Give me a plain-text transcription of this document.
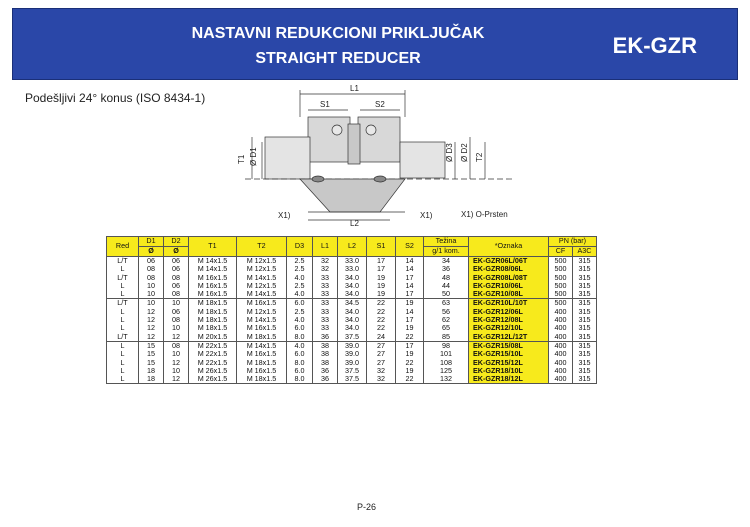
NASTAVNI REDUKCIONI PRIKLJUČAK
STRAIGHT REDUCER
EK-GZR
Podešljivi 24° konus (ISO 8434-1)
L1
S1	S2
L2
T1 Ø D1	Ø D3 Ø D2 T2
X1)	X1)	X1) O-Prsten
Red	D1	D2	T1	T2	D3	L1	L2	S1	S2	Težina	*Oznaka	PN (bar)	
	Ø	Ø								g/1 kom.		CF	A3C
L/T	06	06	M 14x1.5	M 12x1.5	2.5	32	33.0	17	14	34	EK-GZR06L/06T	500	315
L	08	06	M 14x1.5	M 12x1.5	2.5	32	33.0	17	14	36	EK-GZR08/06L	500	315
L/T	08	08	M 16x1.5	M 14x1.5	4.0	33	34.0	19	17	48	EK-GZR08L/08T	500	315
L	10	06	M 16x1.5	M 12x1.5	2.5	33	34.0	19	14	44	EK-GZR10/06L	500	315
L	10	08	M 16x1.5	M 14x1.5	4.0	33	34.0	19	17	50	EK-GZR10/08L	500	315
L/T	10	10	M 18x1.5	M 16x1.5	6.0	33	34.5	22	19	63	EK-GZR10L/10T	500	315
L	12	06	M 18x1.5	M 12x1.5	2.5	33	34.0	22	14	56	EK-GZR12/06L	400	315
L	12	08	M 18x1.5	M 14x1.5	4.0	33	34.0	22	17	62	EK-GZR12/08L	400	315
L	12	10	M 18x1.5	M 16x1.5	6.0	33	34.0	22	19	65	EK-GZR12/10L	400	315
L/T	12	12	M 20x1.5	M 18x1.5	8.0	36	37.5	24	22	85	EK-GZR12L/12T	400	315
L	15	08	M 22x1.5	M 14x1.5	4.0	38	39.0	27	17	98	EK-GZR15/08L	400	315
L	15	10	M 22x1.5	M 16x1.5	6.0	38	39.0	27	19	101	EK-GZR15/10L	400	315
L	15	12	M 22x1.5	M 18x1.5	8.0	38	39.0	27	22	108	EK-GZR15/12L	400	315
L	18	10	M 26x1.5	M 16x1.5	6.0	36	37.5	32	19	125	EK-GZR18/10L	400	315
L	18	12	M 26x1.5	M 18x1.5	8.0	36	37.5	32	22	132	EK-GZR18/12L	400	315
P-26
